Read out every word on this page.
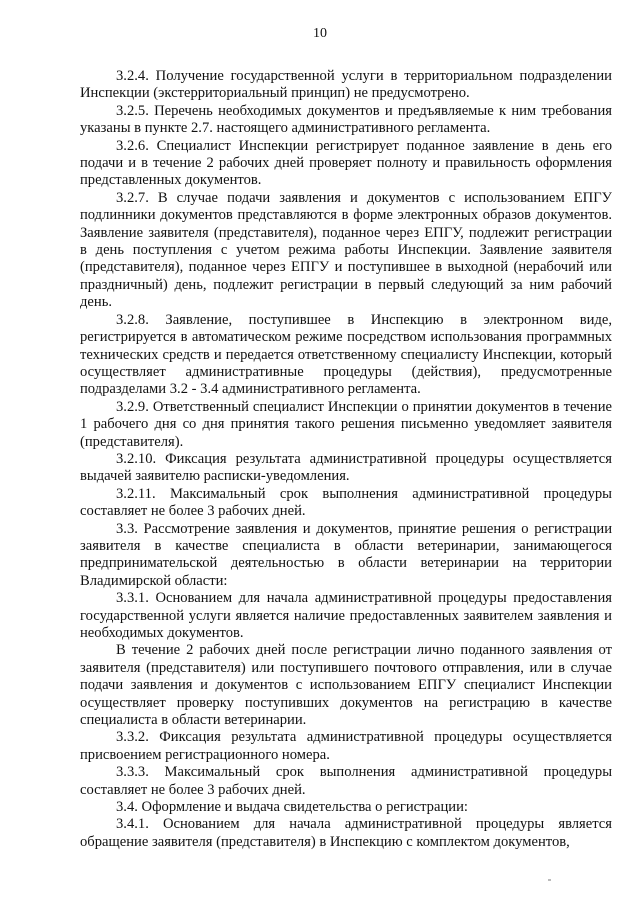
10

3.2.4. Получение государственной услуги в территориальном подразделении Инспекции (экстерриториальный принцип) не предусмотрено.

3.2.5. Перечень необходимых документов и предъявляемые к ним требования указаны в пункте 2.7. настоящего административного регламента.

3.2.6. Специалист Инспекции регистрирует поданное заявление в день его подачи и в течение 2 рабочих дней проверяет полноту и правильность оформления представленных документов.

3.2.7. В случае подачи заявления и документов с использованием ЕПГУ подлинники документов представляются в форме электронных образов документов. Заявление заявителя (представителя), поданное через ЕПГУ, подлежит регистрации в день поступления с учетом режима работы Инспекции. Заявление заявителя (представителя), поданное через ЕПГУ и поступившее в выходной (нерабочий или праздничный) день, подлежит регистрации в первый следующий за ним рабочий день.

3.2.8. Заявление, поступившее в Инспекцию в электронном виде, регистрируется в автоматическом режиме посредством использования программных технических средств и передается ответственному специалисту Инспекции, который осуществляет административные процедуры (действия), предусмотренные подразделами 3.2 - 3.4 административного регламента.

3.2.9. Ответственный специалист Инспекции о принятии документов в течение 1 рабочего дня со дня принятия такого решения письменно уведомляет заявителя (представителя).

3.2.10. Фиксация результата административной процедуры осуществляется выдачей заявителю расписки-уведомления.

3.2.11. Максимальный срок выполнения административной процедуры составляет не более 3 рабочих дней.

3.3. Рассмотрение заявления и документов, принятие решения о регистрации заявителя в качестве специалиста в области ветеринарии, занимающегося предпринимательской деятельностью в области ветеринарии на территории Владимирской области:

3.3.1. Основанием для начала административной процедуры предоставления государственной услуги является наличие предоставленных заявителем заявления и необходимых документов.

В течение 2 рабочих дней после регистрации лично поданного заявления от заявителя (представителя) или поступившего почтового отправления, или в случае подачи заявления и документов с использованием ЕПГУ специалист Инспекции осуществляет проверку поступивших документов на регистрацию в качестве специалиста в области ветеринарии.

3.3.2. Фиксация результата административной процедуры осуществляется присвоением регистрационного номера.

3.3.3. Максимальный срок выполнения административной процедуры составляет не более 3 рабочих дней.

3.4. Оформление и выдача свидетельства о регистрации:

3.4.1. Основанием для начала административной процедуры является обращение заявителя (представителя) в Инспекцию с комплектом документов,
